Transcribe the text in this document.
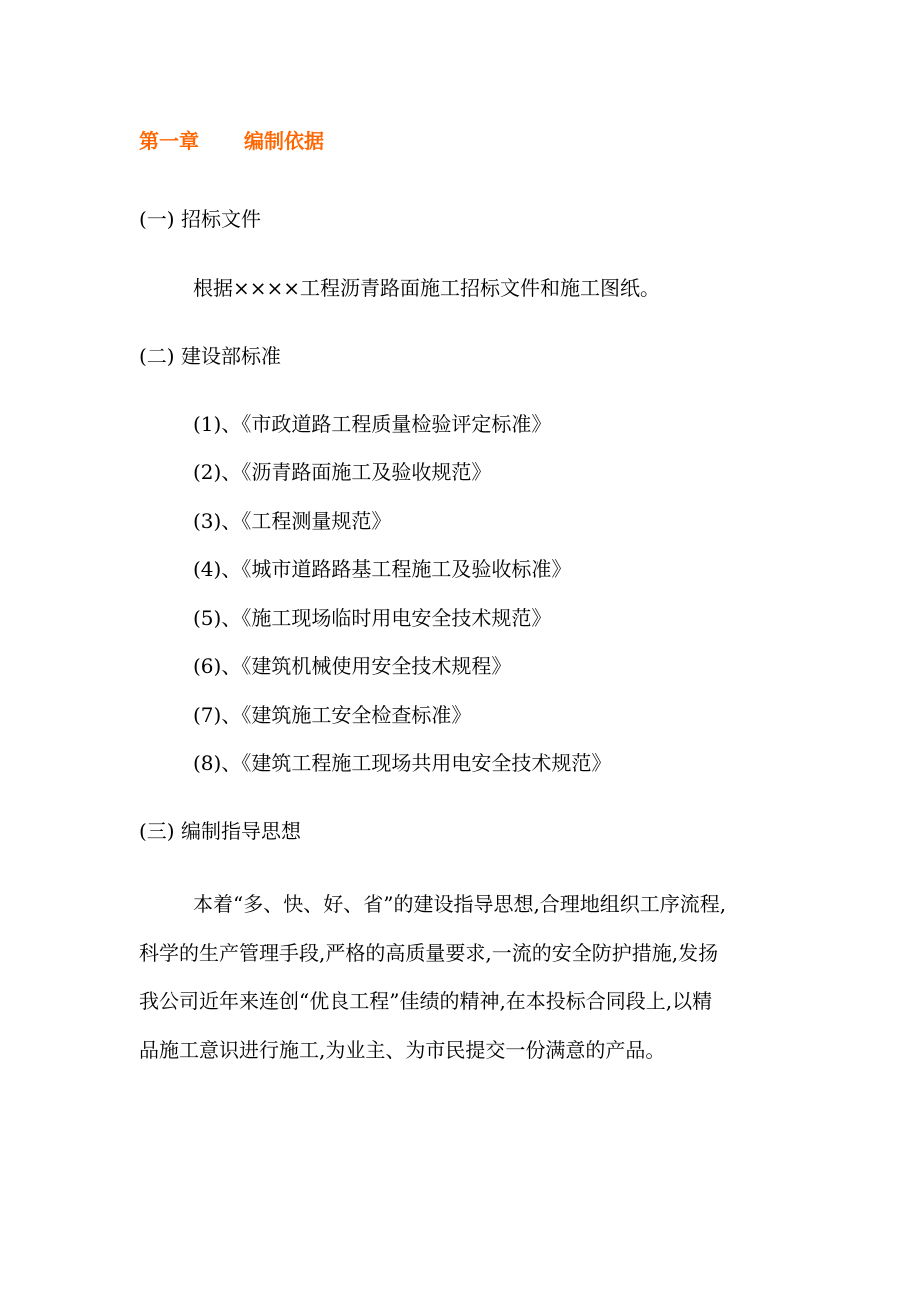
第一章 编制依据
(一) 招标文件
根据××××工程沥青路面施工招标文件和施工图纸。
(二) 建设部标准
(1)、《市政道路工程质量检验评定标准》
(2)、《沥青路面施工及验收规范》
(3)、《工程测量规范》
(4)、《城市道路路基工程施工及验收标准》
(5)、《施工现场临时用电安全技术规范》
(6)、《建筑机械使用安全技术规程》
(7)、《建筑施工安全检查标准》
(8)、《建筑工程施工现场共用电安全技术规范》
(三) 编制指导思想
本着“多、快、好、省”的建设指导思想,合理地组织工序流程,
科学的生产管理手段,严格的高质量要求,一流的安全防护措施,发扬
我公司近年来连创“优良工程”佳绩的精神,在本投标合同段上,以精
品施工意识进行施工,为业主、为市民提交一份满意的产品。
